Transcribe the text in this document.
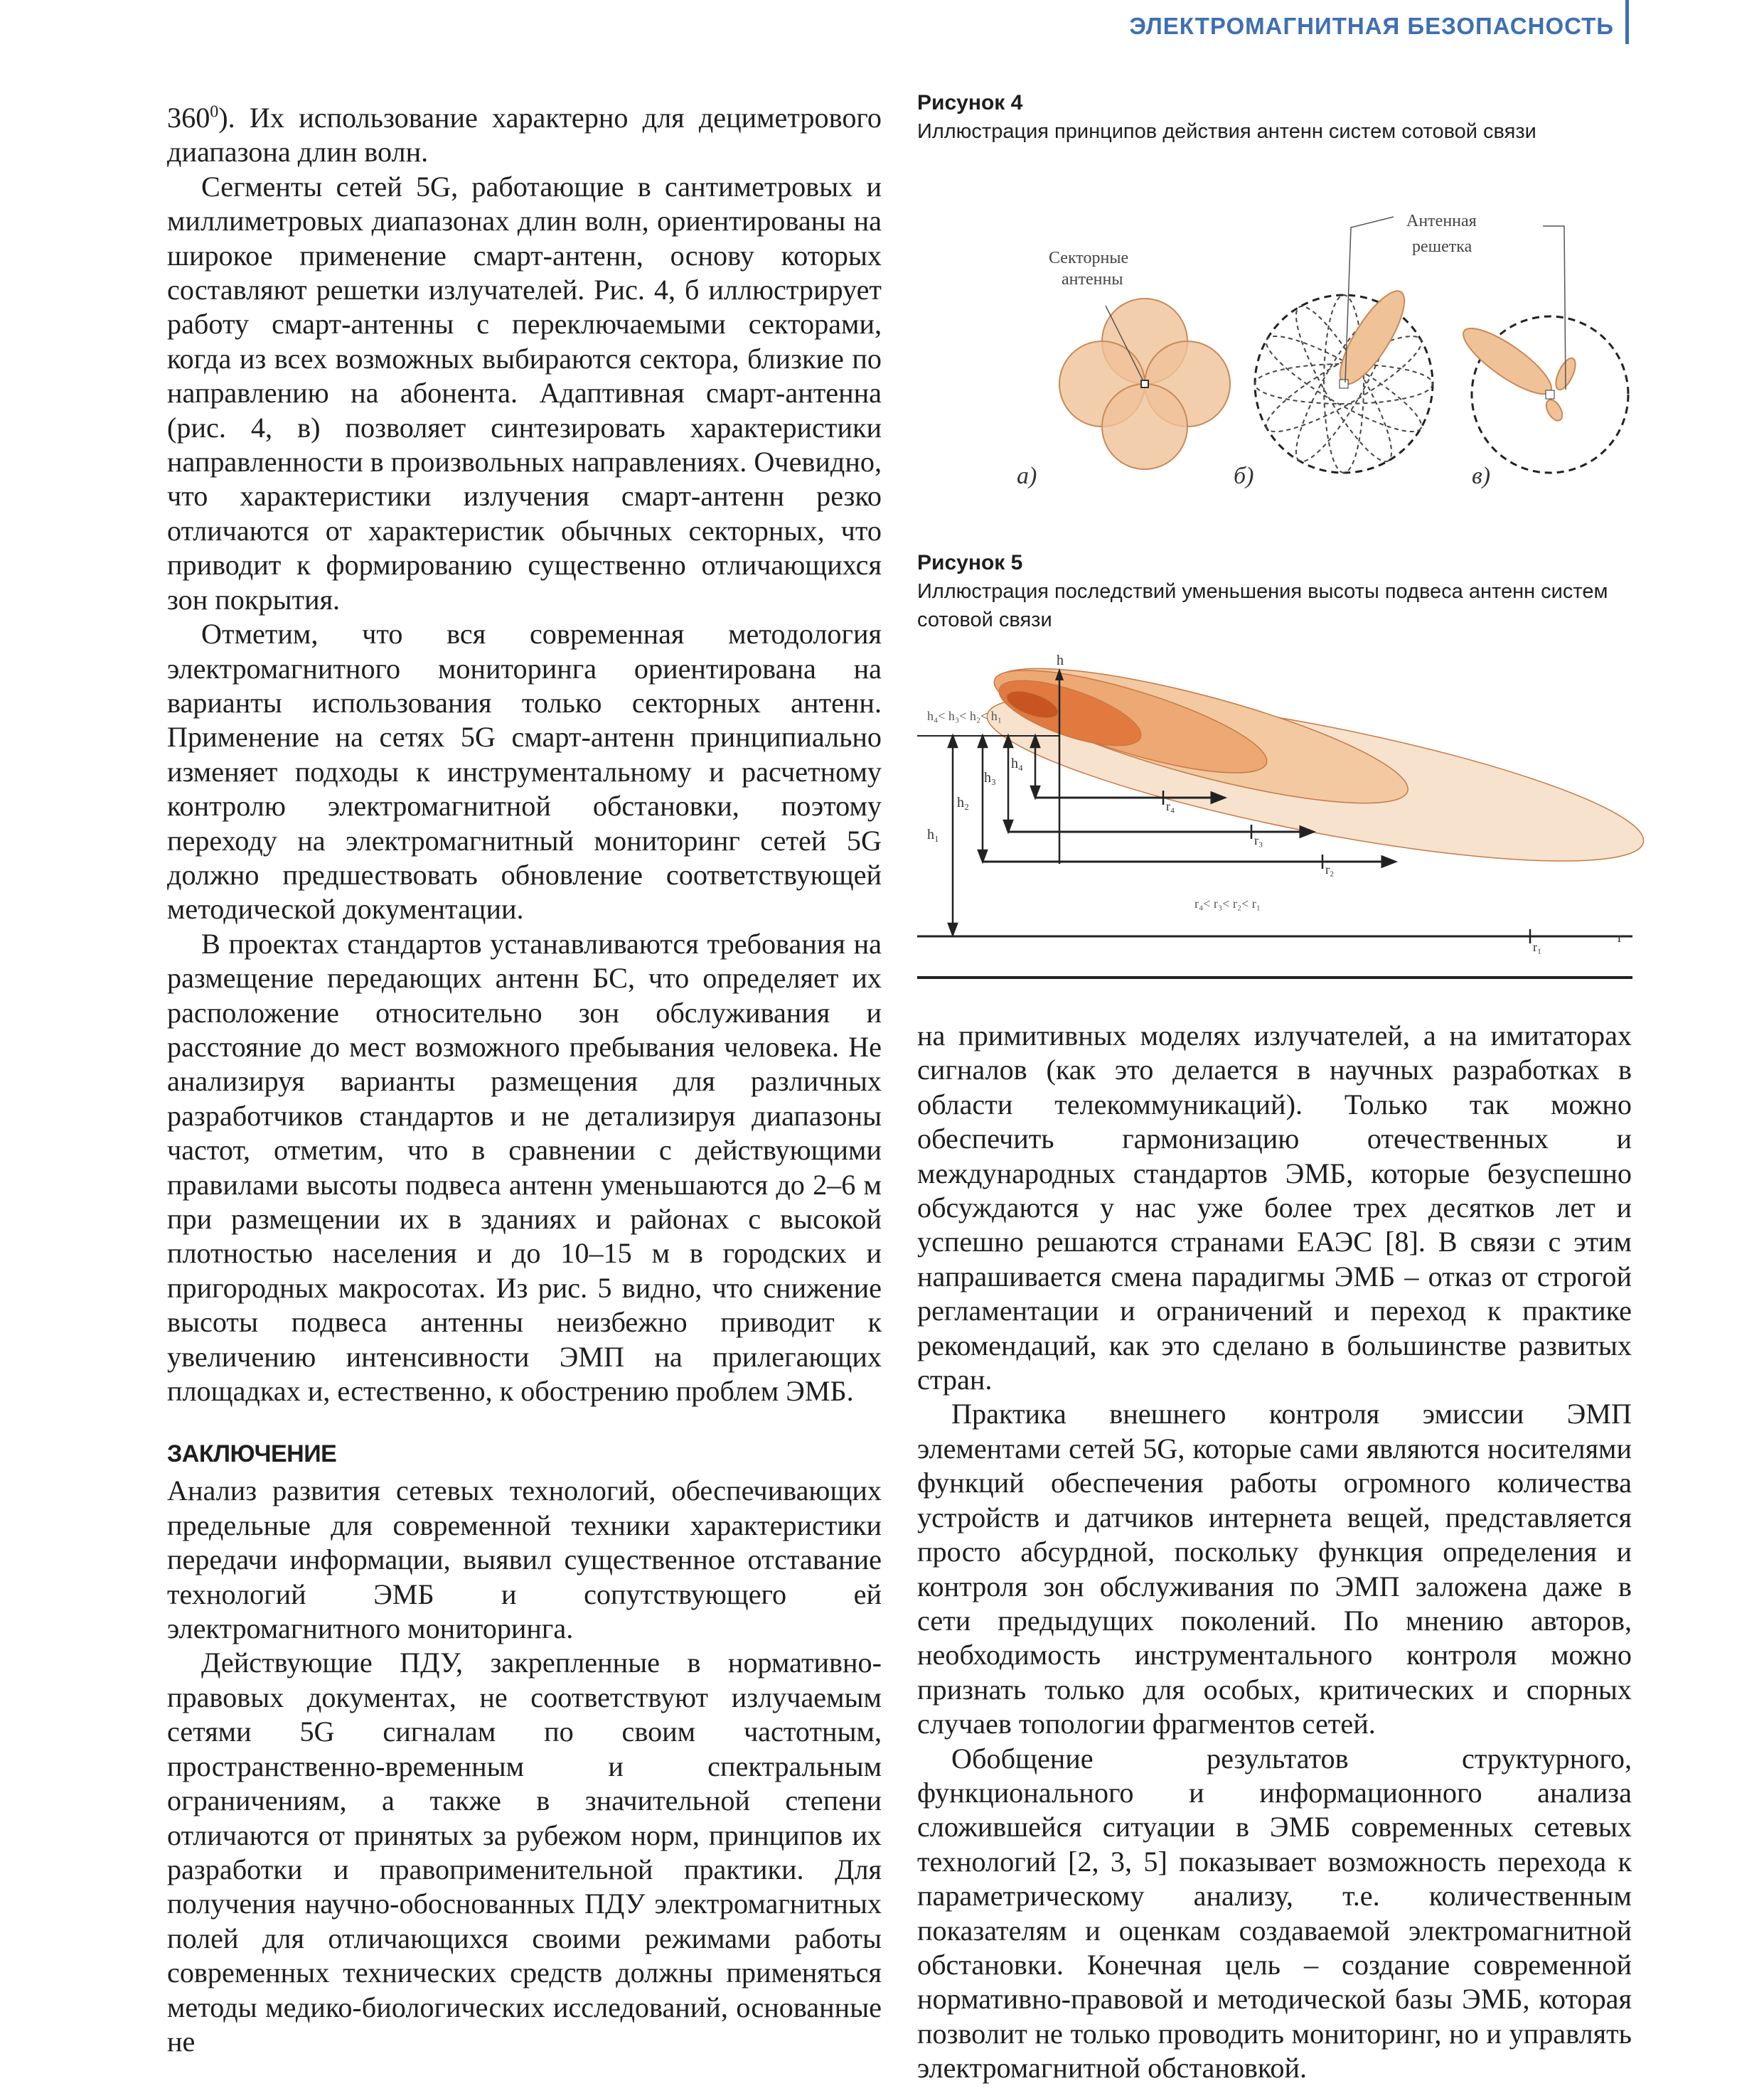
ЭЛЕКТРОМАГНИТНАЯ БЕЗОПАСНОСТЬ

$360^0$). Их использование характерно для дециметрового диапазона длин волн.

Сегменты сетей 5G, работающие в сантиметровых и миллиметровых диапазонах длин волн, ориентированы на широкое применение смарт-антенн, основу которых составляют решетки излучателей. Рис. 4, б иллюстрирует работу смарт-антенны с переключаемыми секторами, когда из всех возможных выбираются сектора, близкие по направлению на абонента. Адаптивная смарт-антенна (рис. 4, в) позволяет синтезировать характеристики направленности в произвольных направлениях. Очевидно, что характеристики излучения смарт-антенн резко отличаются от характеристик обычных секторных, что приводит к формированию существенно отличающихся зон покрытия.

Отметим, что вся современная методология электромагнитного мониторинга ориентирована на варианты использования только секторных антенн. Применение на сетях 5G смарт-антенн принципиально изменяет подходы к инструментальному и расчетному контролю электромагнитной обстановки, поэтому переходу на электромагнитный мониторинг сетей 5G должно предшествовать обновление соответствующей методической документации.

В проектах стандартов устанавливаются требования на размещение передающих антенн БС, что определяет их расположение относительно зон обслуживания и расстояние до мест возможного пребывания человека. Не анализируя варианты размещения для различных разработчиков стандартов и не детализируя диапазоны частот, отметим, что в сравнении с действующими правилами высоты подвеса антенн уменьшаются до 2–6 м при размещении их в зданиях и районах с высокой плотностью населения и до 10–15 м в городских и пригородных макросотах. Из рис. 5 видно, что снижение высоты подвеса антенны неизбежно приводит к увеличению интенсивности ЭМП на прилегающих площадках и, естественно, к обострению проблем ЭМБ.

ЗАКЛЮЧЕНИЕ

Анализ развития сетевых технологий, обеспечивающих предельные для современной техники характеристики передачи информации, выявил существенное отставание технологий ЭМБ и сопутствующего ей электромагнитного мониторинга.

Действующие ПДУ, закрепленные в нормативно-правовых документах, не соответствуют излучаемым сетями 5G сигналам по своим частотным, пространственно-временным и спектральным ограничениям, а также в значительной степени отличаются от принятых за рубежом норм, принципов их разработки и правоприменительной практики. Для получения научно-обоснованных ПДУ электромагнитных полей для отличающихся своими режимами работы современных технических средств должны применяться методы медико-биологических исследований, основанные не

Рисунок 4
Иллюстрация принципов действия антенн систем сотовой связи
Секторные
антенны
а)	б)
Антенная
решетка
в)
Рисунок 5
Иллюстрация последствий уменьшения высоты подвеса антенн систем сотовой связи
h
r
h₁
h₂
h₃
h₄
h₄< h₃< h₂< h₁
r₄
r₃
r₂
r₁
r₄< r₃< r₂< r₁

на примитивных моделях излучателей, а на имитаторах сигналов (как это делается в научных разработках в области телекоммуникаций). Только так можно обеспечить гармонизацию отечественных и международных стандартов ЭМБ, которые безуспешно обсуждаются у нас уже более трех десятков лет и успешно решаются странами ЕАЭС [8]. В связи с этим напрашивается смена парадигмы ЭМБ – отказ от строгой регламентации и ограничений и переход к практике рекомендаций, как это сделано в большинстве развитых стран.

Практика внешнего контроля эмиссии ЭМП элементами сетей 5G, которые сами являются носителями функций обеспечения работы огромного количества устройств и датчиков интернета вещей, представляется просто абсурдной, поскольку функция определения и контроля зон обслуживания по ЭМП заложена даже в сети предыдущих поколений. По мнению авторов, необходимость инструментального контроля можно признать только для особых, критических и спорных случаев топологии фрагментов сетей.

Обобщение результатов структурного, функционального и информационного анализа сложившейся ситуации в ЭМБ современных сетевых технологий [2, 3, 5] показывает возможность перехода к параметрическому анализу, т.е. количественным показателям и оценкам создаваемой электромагнитной обстановки. Конечная цель – создание современной нормативно-правовой и методической базы ЭМБ, которая позволит не только проводить мониторинг, но и управлять электромагнитной обстановкой.
